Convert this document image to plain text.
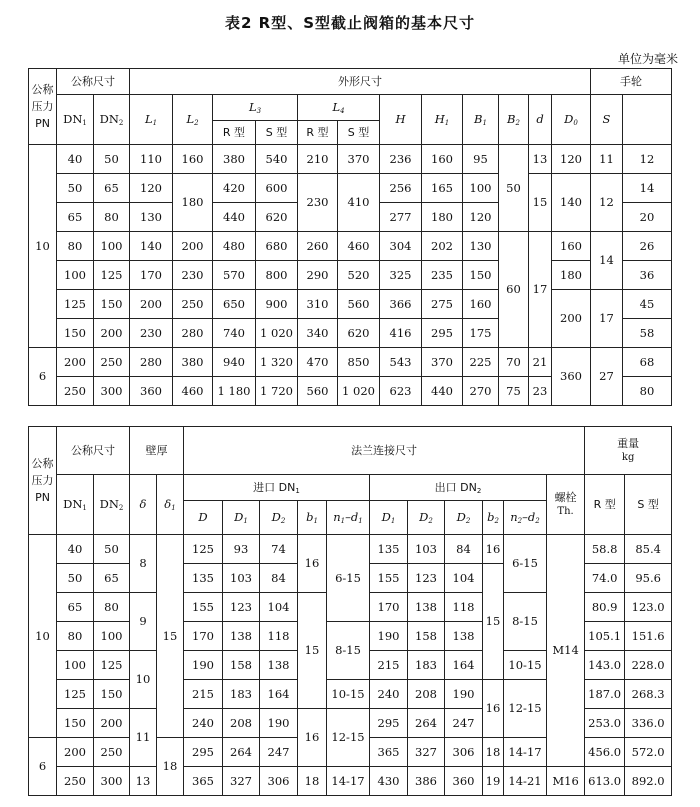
表2 R型、S型截止阀箱的基本尺寸
单位为毫米
公称压力PN	公称尺寸		外形尺寸												手轮	

	$DN_1$	$DN_2$	$L_1$	$L_2$	$L_3$		$L_4$		H	$H_1$	$B_1$	$B_2$	d	$D_0$	S		
					R 型	S 型	R 型	S 型									
10	40	50	110	160	380	540	210	370	236	160	95	50	13	120	11	12	
	50	65	120	180	420	600	230	410	256	165	100		15	140	12	14	
	65	80	130		440	620			277	180	120					20	
	80	100	140	200	480	680	260	460	304	202	130	60	17	160	14	26	
	100	125	170	230	570	800	290	520	325	235	150			180		36	
	125	150	200	250	650	900	310	560	366	275	160			200	17	45	
	150	200	230	280	740	1 020	340	620	416	295	175					58	
6	200	250	280	380	940	1 320	470	850	543	370	225	70	21	360	27	68	
	250	300	360	460	1 180	1 720	560	1 020	623	440	270	75	23			80	
公称压力PN	公称尺寸		壁厚		法兰连接尺寸											重量
kg	
	$DN_1$	$DN_2$	δ	$\delta_1$	进口 $DN_1$					出口 $DN_2$					螺栓
Th.	R 型	S 型
					D	$D_1$	$D_2$	$b_1$	$n_1-d_1$	$D_1$	$D_2$	$D_2$	$b_2$	$n_2-d_2$
10	40	50	8	15	125	93	74	16	6-15	135	103	84	16	6-15	M14	58.8	85.4
	50	65			135	103	84			155	123	104	15			74.0	95.6
	65	80	9		155	123	104	15		170	138	118		8-15		80.9	123.0
	80	100			170	138	118		8-15	190	158	138				105.1	151.6
	100	125	10		190	158	138			215	183	164		10-15		143.0	228.0
	125	150			215	183	164		10-15	240	208	190	16	12-15		187.0	268.3
	150	200	11		240	208	190	16	12-15	295	264	247				253.0	336.0
6	200	250		18	295	264	247			365	327	306	18	14-17		456.0	572.0
	250	300	13		365	327	306	18	14-17	430	386	360	19	14-21	M16	613.0	892.0
